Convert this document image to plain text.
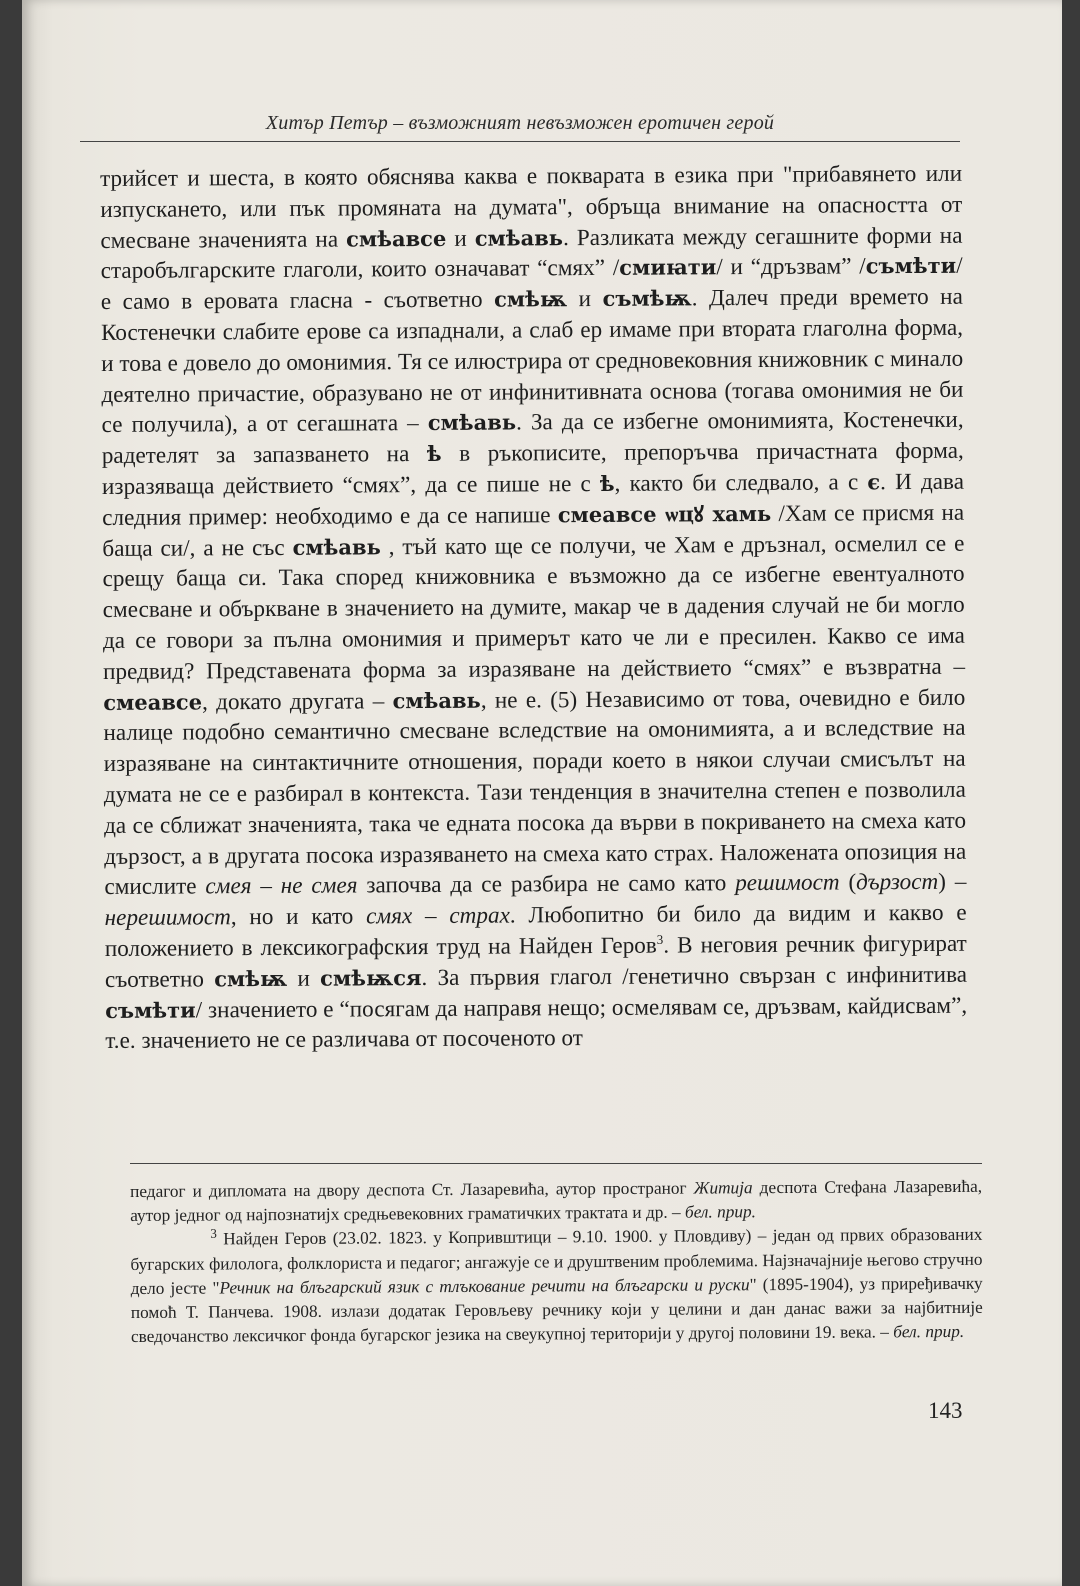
Хитър Петър – възможният невъзможен еротичен герой

трийсет и шеста, в която обяснява каква е покварата в езика при "прибавянето или изпускането, или пък промяната на думата", обръща внимание на опасността от смесване значенията на смѣавсе и смѣавь. Разликата между сегашните форми на старобългарските глаголи, които означават “смях” /смиꙗти/ и “дръзвам” /съмѣти/ е само в еровата гласна - съответно смѣѭ и съмѣѭ. Далеч преди времето на Костенечки слабите ерове са изпаднали, а слаб ер имаме при втората глаголна форма, и това е довело до омонимия. Тя се илюстрира от средновековния книжовник с минало деятелно причастие, образувано не от инфинитивната основа (тогава омонимия не би се получила), а от сегашната – смѣавь. За да се избегне омонимията, Костенечки, радетелят за запазването на ѣ в ръкописите, препоръчва причастната форма, изразяваща действието “смях”, да се пише не с ѣ, както би следвало, а с є. И дава следния пример: необходимо е да се напише смеавсе ѡцꙋ хамь /Хам се присмя на баща си/, а не със смѣавь , тъй като ще се получи, че Хам е дръзнал, осмелил се е срещу баща си. Така според книжовника е възможно да се избегне евентуалното смесване и объркване в значението на думите, макар че в дадения случай не би могло да се говори за пълна омонимия и примерът като че ли е пресилен. Какво се има предвид? Представената форма за изразяване на действието “смях” е възвратна – смеавсе, докато другата – смѣавь, не е. (5) Независимо от това, очевидно е било налице подобно семантично смесване вследствие на омонимията, а и вследствие на изразяване на синтактичните отношения, поради което в някои случаи смисълът на думата не се е разбирал в контекста. Тази тенденция в значителна степен е позволила да се сближат значенията, така че едната посока да върви в покриването на смеха като дързост, а в другата посока изразяването на смеха като страх. Наложената опозиция на смислите смея – не смея започва да се разбира не само като решимост (дързост) – нерешимост, но и като смях – страх. Любопитно би било да видим и какво е положението в лексикографския труд на Найден Геров$^3$. В неговия речник фигурират съответно смѣѭ и смѣѭся. За първия глагол /генетично свързан с инфинитива съмѣти/ значението е “посягам да направя нещо; осмелявам се, дръзвам, кайдисвам”, т.е. значението не се различава от посоченото от

педагог и дипломата на двору деспота Ст. Лазаревића, аутор пространог Житија деспота Стефана Лазаревића, аутор једног од најпознатијх средњевековних граматичких трактата и др. – бел. прир.

$^3$ Найден Геров (23.02. 1823. у Копривштици – 9.10. 1900. у Пловдиву) – један од првих образованих бугарских филолога, фолклориста и педагог; ангажује се и друштвеним проблемима. Најзначајније његово стручно дело јесте "Речник на блъгарский язик с тлъкование речити на блъгарски и руски" (1895-1904), уз приређивачку помоћ Т. Панчева. 1908. излази додатак Геровљеву речнику који у целини и дан данас важи за најбитније сведочанство лексичког фонда бугарског језика на свеукупној територији у другој половини 19. века. – бел. прир.

143
